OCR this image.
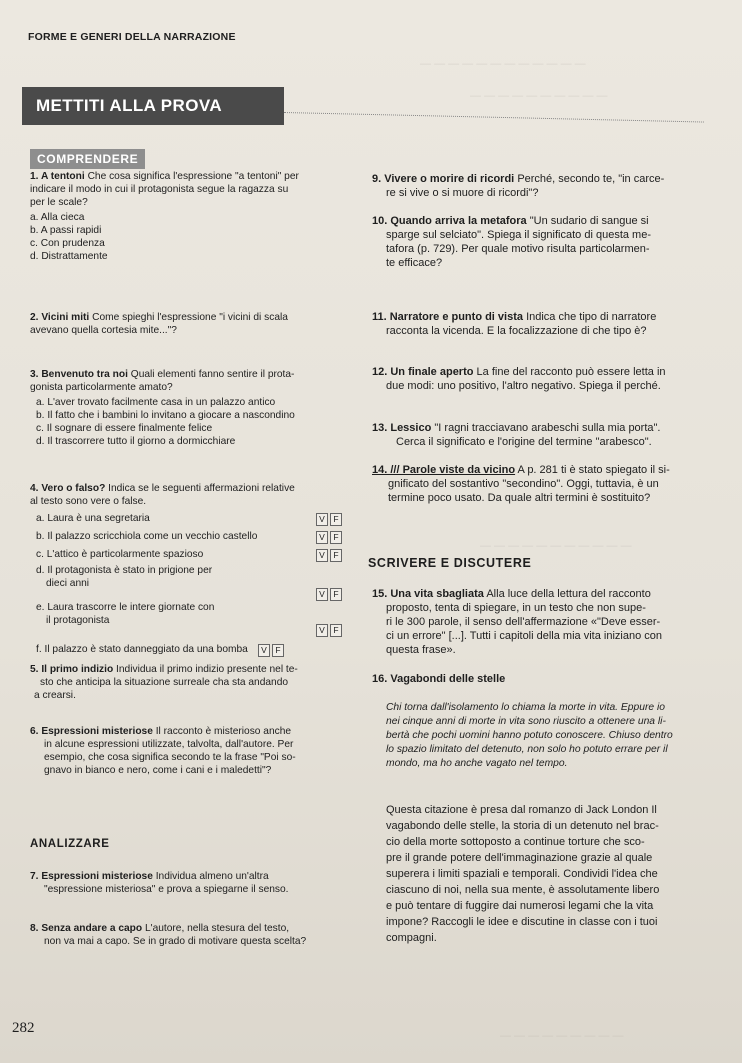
— — — — — — — — — — — —
— — — — — — — — — —
— — — — — — — — — — —
— — — — — — — — —
FORME E GENERI DELLA NARRAZIONE
METTITI ALLA PROVA
COMPRENDERE
1. A tentoni Che cosa significa l'espressione "a tentoni" per
indicare il modo in cui il protagonista segue la ragazza su
per le scale?
a. Alla cieca
b. A passi rapidi
c. Con prudenza
d. Distrattamente
2. Vicini miti Come spieghi l'espressione "i vicini di scala
avevano quella cortesia mite..."?
3. Benvenuto tra noi Quali elementi fanno sentire il prota-
gonista particolarmente amato?
a. L'aver trovato facilmente casa in un palazzo antico
b. Il fatto che i bambini lo invitano a giocare a nascondino
c. Il sognare di essere finalmente felice
d. Il trascorrere tutto il giorno a dormicchiare
4. Vero o falso? Indica se le seguenti affermazioni relative
al testo sono vere o false.
a. Laura è una segretaria	V F
b. Il palazzo scricchiola come un vecchio castello	V F
c. L'attico è particolarmente spazioso	V F
d. Il protagonista è stato in prigione per
dieci anni
V F
e. Laura trascorre le intere giornate con
il protagonista
V F
f. Il palazzo è stato danneggiato da una bomba	V F
5. Il primo indizio Individua il primo indizio presente nel te-
sto che anticipa la situazione surreale cha sta andando
a crearsi.
6. Espressioni misteriose Il racconto è misterioso anche
in alcune espressioni utilizzate, talvolta, dall'autore. Per
esempio, che cosa significa secondo te la frase "Poi so-
gnavo in bianco e nero, come i cani e i maledetti"?
ANALIZZARE
7. Espressioni misteriose Individua almeno un'altra
"espressione misteriosa" e prova a spiegarne il senso.
8. Senza andare a capo L'autore, nella stesura del testo,
non va mai a capo. Se in grado di motivare questa scelta?
9. Vivere o morire di ricordi Perché, secondo te, "in carce-
re si vive o si muore di ricordi"?
10. Quando arriva la metafora "Un sudario di sangue si
sparge sul selciato". Spiega il significato di questa me-
tafora (p. 729). Per quale motivo risulta particolarmen-
te efficace?
11. Narratore e punto di vista Indica che tipo di narratore
racconta la vicenda. E la focalizzazione di che tipo è?
12. Un finale aperto La fine del racconto può essere letta in
due modi: uno positivo, l'altro negativo. Spiega il perché.
13. Lessico "I ragni tracciavano arabeschi sulla mia porta".
Cerca il significato e l'origine del termine "arabesco".
14. /// Parole viste da vicino A p. 281 ti è stato spiegato il si-
gnificato del sostantivo "secondino". Oggi, tuttavia, è un
termine poco usato. Da quale altri termini è sostituito?
SCRIVERE E DISCUTERE
15. Una vita sbagliata Alla luce della lettura del racconto
proposto, tenta di spiegare, in un testo che non supe-
ri le 300 parole, il senso dell'affermazione «"Deve esser-
ci un errore" [...]. Tutti i capitoli della mia vita iniziano con
questa frase».
16. Vagabondi delle stelle
Chi torna dall'isolamento lo chiama la morte in vita. Eppure io
nei cinque anni di morte in vita sono riuscito a ottenere una li-
bertà che pochi uomini hanno potuto conoscere. Chiuso dentro
lo spazio limitato del detenuto, non solo ho potuto errare per il
mondo, ma ho anche vagato nel tempo.
Questa citazione è presa dal romanzo di Jack London Il
vagabondo delle stelle, la storia di un detenuto nel brac-
cio della morte sottoposto a continue torture che sco-
pre il grande potere dell'immaginazione grazie al quale
superera i limiti spaziali e temporali. Condividi l'idea che
ciascuno di noi, nella sua mente, è assolutamente libero
e può tentare di fuggire dai numerosi legami che la vita
impone? Raccogli le idee e discutine in classe con i tuoi
compagni.
282
